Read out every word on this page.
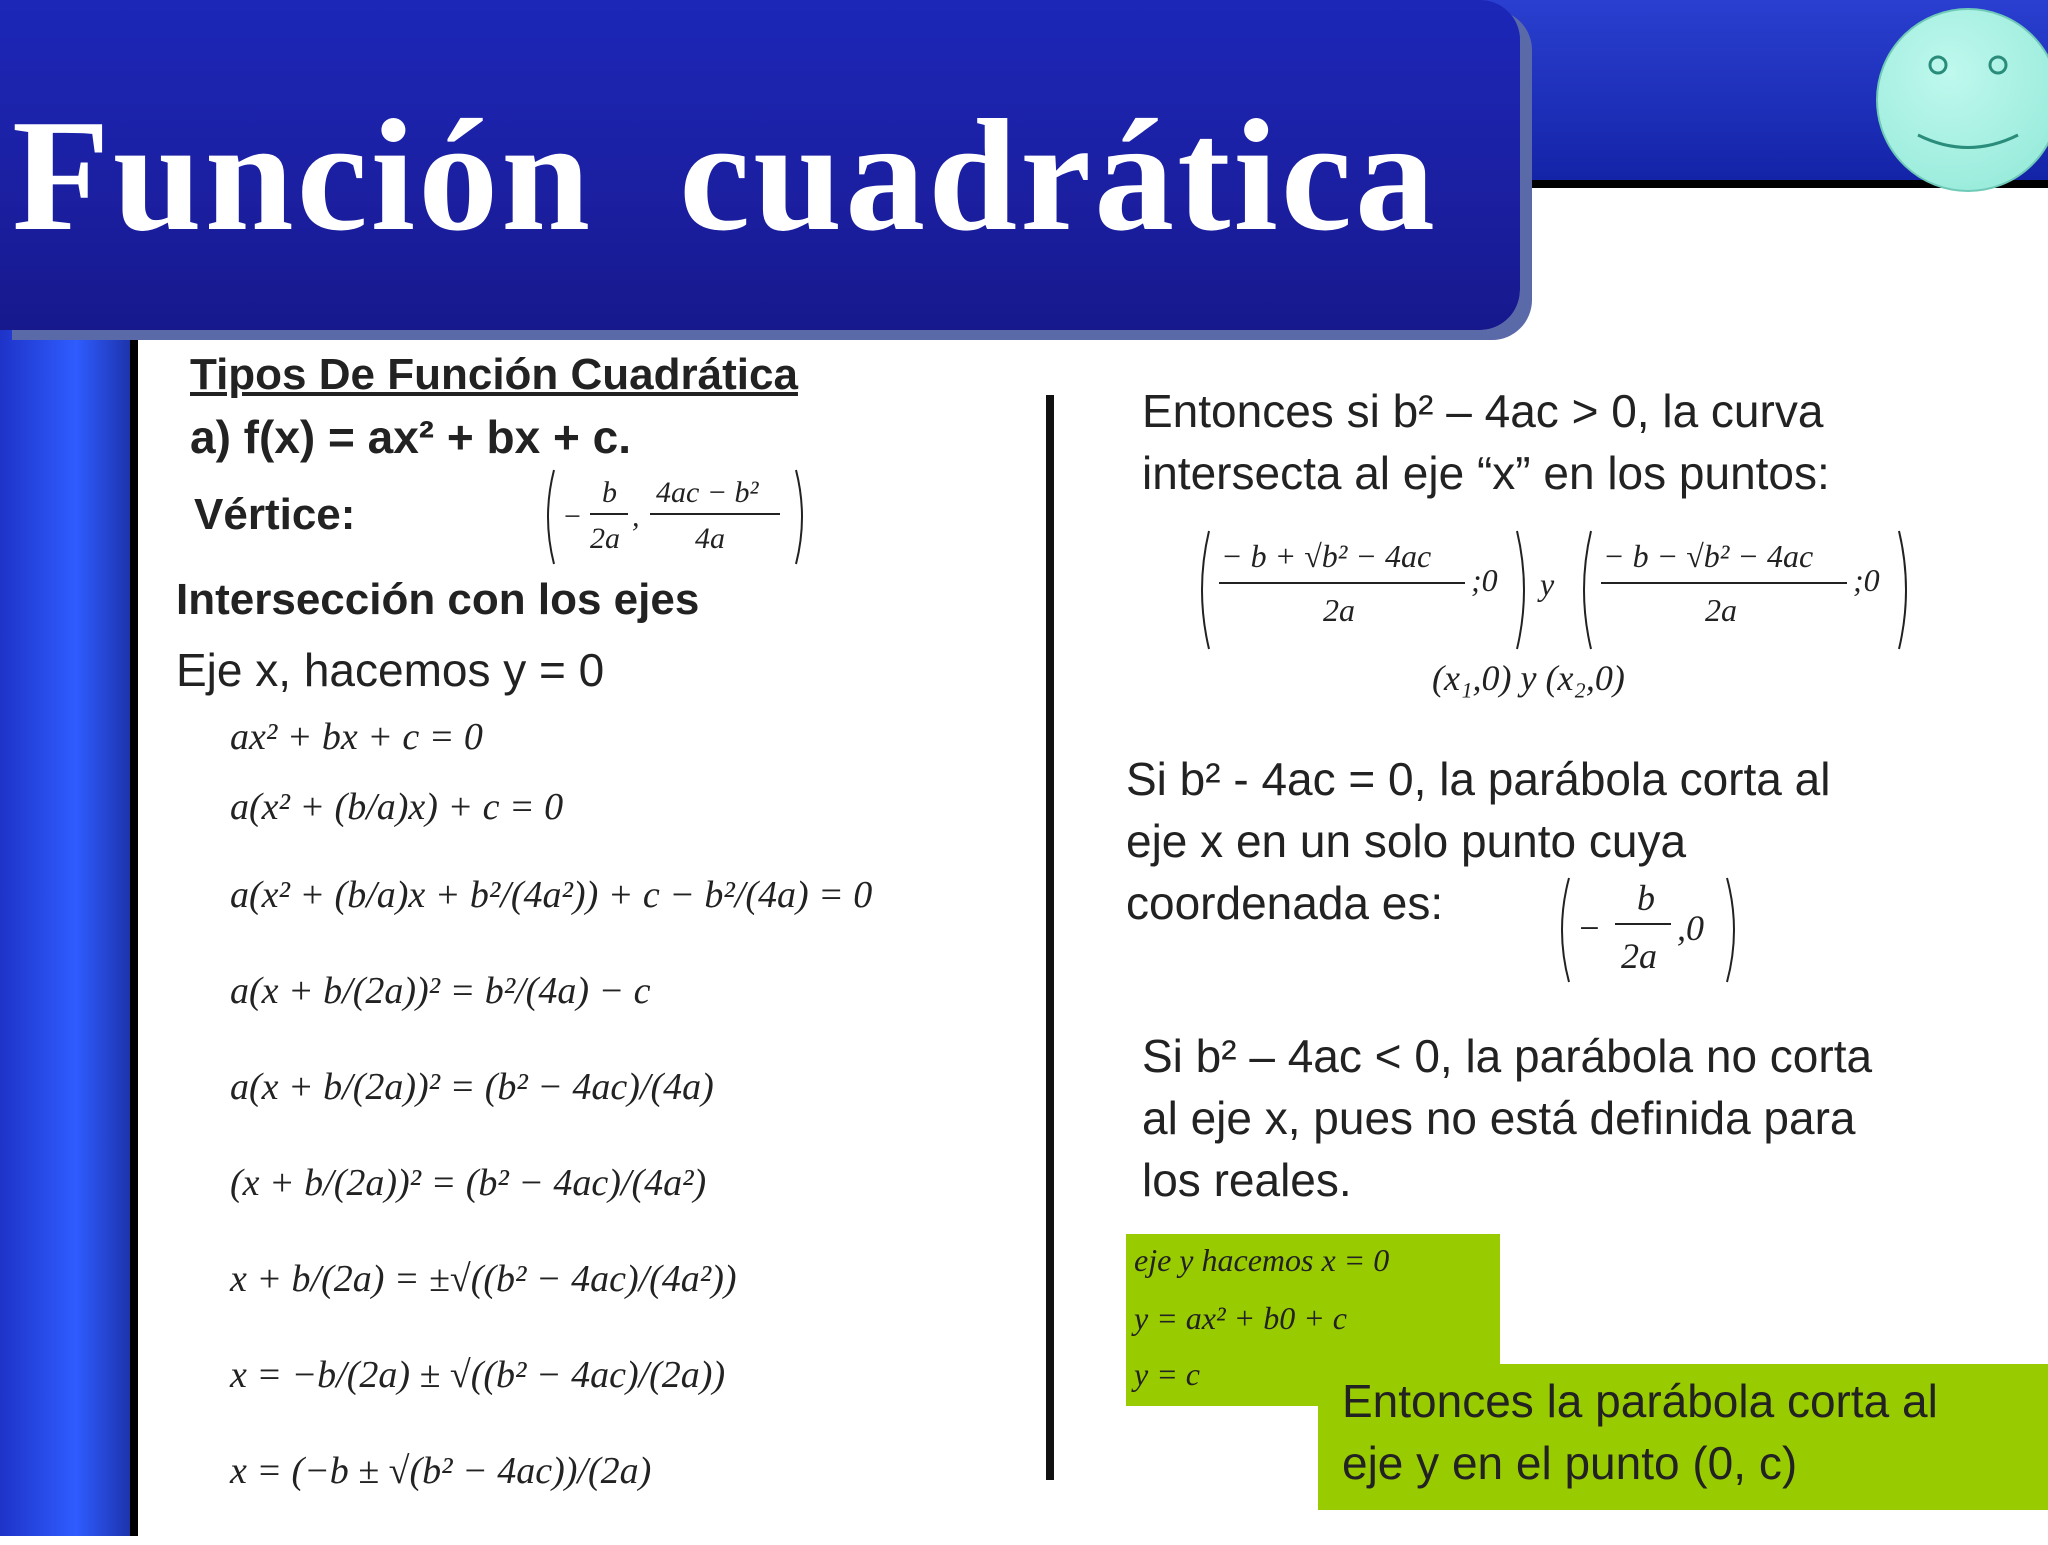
Función  cuadrática
Tipos De Función Cuadrática
a) f(x) = ax² + bx + c.
Vértice:	−
b
2a
,
4ac − b²
4a
Intersección con los ejes
Eje x, hacemos y = 0
ax² + bx + c = 0
a(x² + (b/a)x) + c = 0
a(x² + (b/a)x + b²/(4a²)) + c − b²/(4a) = 0
a(x + b/(2a))² = b²/(4a) − c
a(x + b/(2a))² = (b² − 4ac)/(4a)
(x + b/(2a))² = (b² − 4ac)/(4a²)
x + b/(2a) = ±√((b² − 4ac)/(4a²))
x = −b/(2a) ± √((b² − 4ac)/(2a))
x = (−b ± √(b² − 4ac))/(2a)
Entonces si b² – 4ac > 0, la curva
intersecta al eje “x” en los puntos:
− b + √b² − 4ac
2a
;0 y
− b − √b² − 4ac
2a
;0
(x₁,0) y (x₂,0)
Si b² - 4ac = 0, la parábola corta al
eje x en un solo punto cuya
coordenada es:	−
b
2a
,0
Si b² – 4ac < 0, la parábola no corta
al eje x, pues no está definida para
los reales.
eje y hacemos x = 0
y = ax² + b0 + c
y = c
Entonces la parábola corta al
eje y en el punto (0, c)
